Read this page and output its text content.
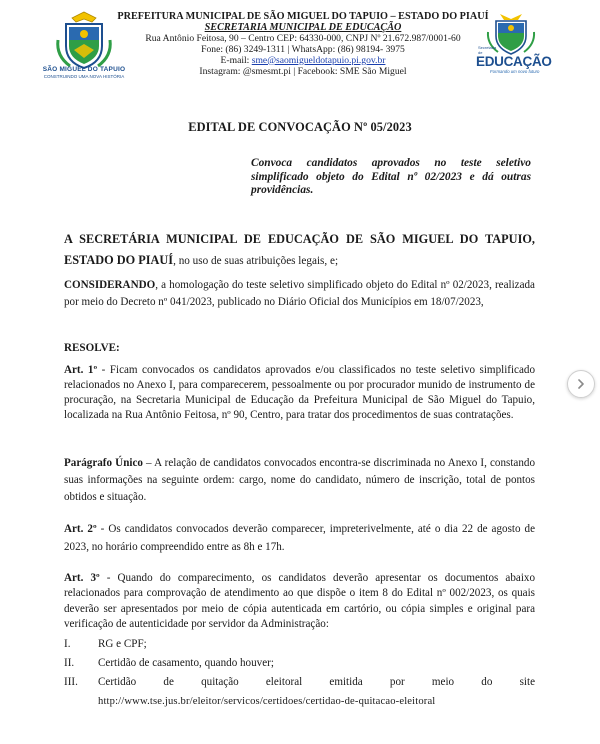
SÃO MIGUEL DO TAPUIO
CONSTRUINDO UMA NOVA HISTÓRIA
PREFEITURA MUNICIPAL DE SÃO MIGUEL DO TAPUIO – ESTADO DO PIAUÍ
SECRETARIA MUNICIPAL DE EDUCAÇÃO
Rua Antônio Feitosa, 90 – Centro CEP: 64330-000, CNPJ Nº 21.672.987/0001-60
Fone: (86) 3249-1311 | WhatsApp: (86) 98194- 3975
E-mail: sme@saomigueldotapuio.pi.gov.br
Instagram: @smesmt.pi | Facebook: SME São Miguel
Secretaria de
EDUCAÇÃO
Formando um novo futuro
EDITAL DE CONVOCAÇÃO Nº 05/2023
Convoca candidatos aprovados no teste seletivo simplificado objeto do Edital nº 02/2023 e dá outras providências.
A SECRETÁRIA MUNICIPAL DE EDUCAÇÃO DE SÃO MIGUEL DO TAPUIO, ESTADO DO PIAUÍ, no uso de suas atribuições legais, e;
CONSIDERANDO, a homologação do teste seletivo simplificado objeto do Edital nº 02/2023, realizada por meio do Decreto nº 041/2023, publicado no Diário Oficial dos Municípios em 18/07/2023,
RESOLVE:
Art. 1º - Ficam convocados os candidatos aprovados e/ou classificados no teste seletivo simplificado relacionados no Anexo I, para comparecerem, pessoalmente ou por procurador munido de instrumento de procuração, na Secretaria Municipal de Educação da Prefeitura Municipal de São Miguel do Tapuio, localizada na Rua Antônio Feitosa, nº 90, Centro, para tratar dos procedimentos de suas contratações.
Parágrafo Único – A relação de candidatos convocados encontra-se discriminada no Anexo I, constando suas informações na seguinte ordem: cargo, nome do candidato, número de inscrição, total de pontos obtidos e situação.
Art. 2º - Os candidatos convocados deverão comparecer, impreterivelmente, até o dia 22 de agosto de 2023, no horário compreendido entre as 8h e 17h.
Art. 3º - Quando do comparecimento, os candidatos deverão apresentar os documentos abaixo relacionados para comprovação de atendimento ao que dispõe o item 8 do Edital nº 002/2023, os quais deverão ser apresentados por meio de cópia autenticada em cartório, ou cópia simples e original para verificação de autenticidade por servidor da Administração:
I.	RG e CPF;
II.	Certidão de casamento, quando houver;
III.	Certidão de quitação eleitoral emitida por meio do site
http://www.tse.jus.br/eleitor/servicos/certidoes/certidao-de-quitacao-eleitoral
